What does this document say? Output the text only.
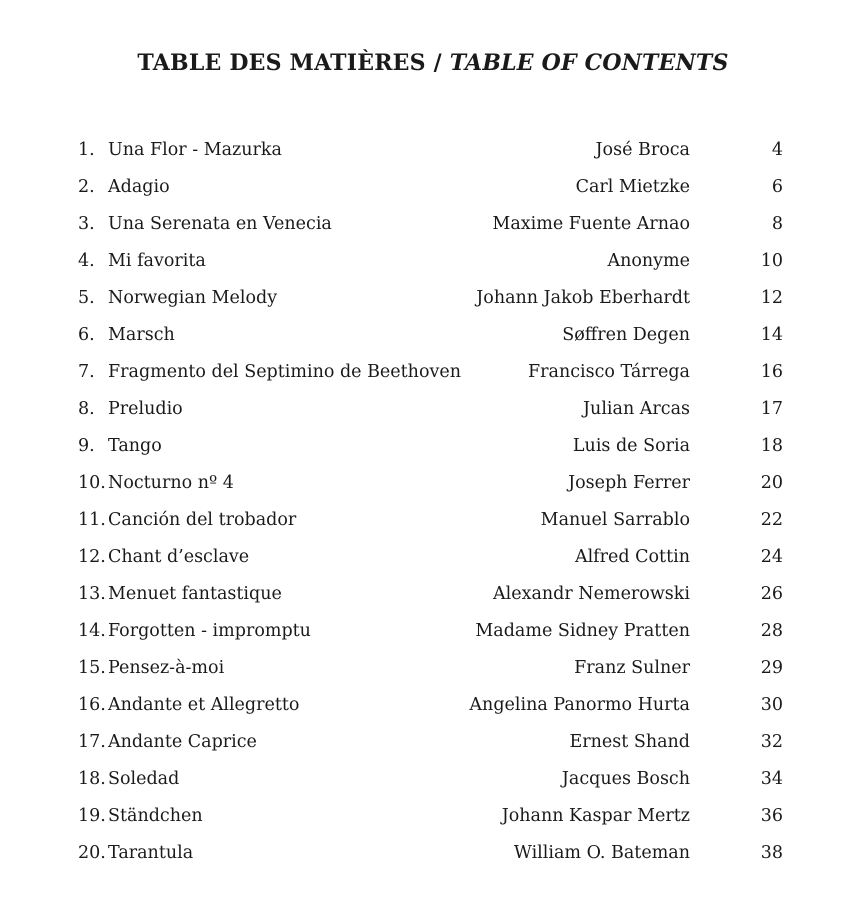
TABLE DES MATIÈRES / TABLE OF CONTENTS
1. Una Flor - Mazurka	José Broca	4
2. Adagio	Carl Mietzke	6
3. Una Serenata en Venecia	Maxime Fuente Arnao	8
4. Mi favorita	Anonyme	10
5. Norwegian Melody	Johann Jakob Eberhardt	12
6. Marsch	Søffren Degen	14
7. Fragmento del Septimino de Beethoven	Francisco Tárrega	16
8. Preludio	Julian Arcas	17
9. Tango	Luis de Soria	18
10. Nocturno nº 4	Joseph Ferrer	20
11. Canción del trobador	Manuel Sarrablo	22
12. Chant d’esclave	Alfred Cottin	24
13. Menuet fantastique	Alexandr Nemerowski	26
14. Forgotten - impromptu	Madame Sidney Pratten	28
15. Pensez-à-moi	Franz Sulner	29
16. Andante et Allegretto	Angelina Panormo Hurta	30
17. Andante Caprice	Ernest Shand	32
18. Soledad	Jacques Bosch	34
19. Ständchen	Johann Kaspar Mertz	36
20. Tarantula	William O. Bateman	38
